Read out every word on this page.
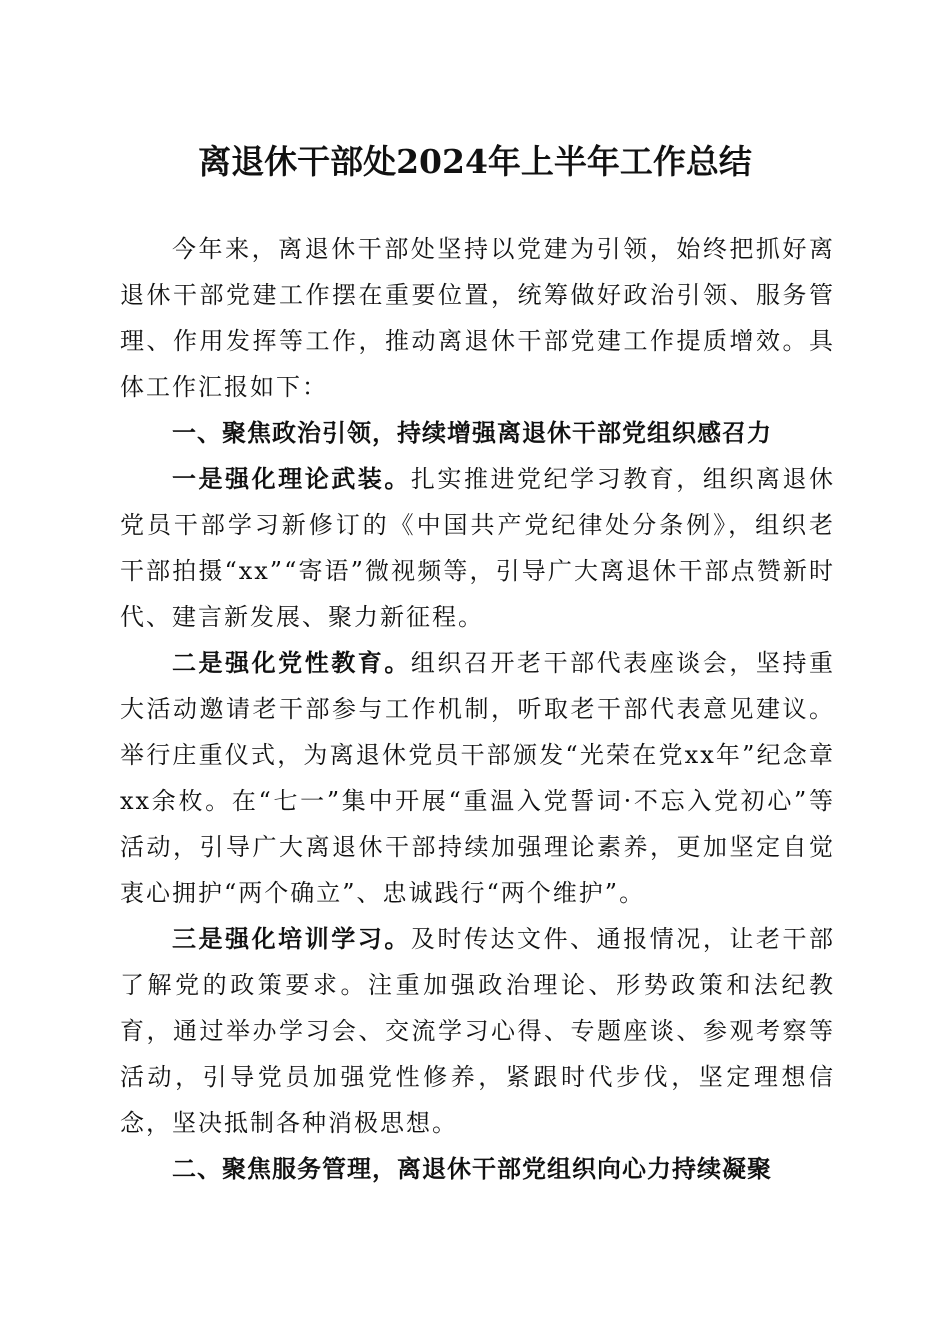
离退休干部处2024年上半年工作总结

今年来，离退休干部处坚持以党建为引领，始终把抓好离退休干部党建工作摆在重要位置，统筹做好政治引领、服务管理、作用发挥等工作，推动离退休干部党建工作提质增效。具体工作汇报如下：

一、聚焦政治引领，持续增强离退休干部党组织感召力

一是强化理论武装。扎实推进党纪学习教育，组织离退休党员干部学习新修订的《中国共产党纪律处分条例》，组织老干部拍摄“xx”“寄语”微视频等，引导广大离退休干部点赞新时代、建言新发展、聚力新征程。

二是强化党性教育。组织召开老干部代表座谈会，坚持重大活动邀请老干部参与工作机制，听取老干部代表意见建议。举行庄重仪式，为离退休党员干部颁发“光荣在党xx年”纪念章xx余枚。在“七一”集中开展“重温入党誓词·不忘入党初心”等活动，引导广大离退休干部持续加强理论素养，更加坚定自觉衷心拥护“两个确立”、忠诚践行“两个维护”。

三是强化培训学习。及时传达文件、通报情况，让老干部了解党的政策要求。注重加强政治理论、形势政策和法纪教育，通过举办学习会、交流学习心得、专题座谈、参观考察等活动，引导党员加强党性修养，紧跟时代步伐，坚定理想信念，坚决抵制各种消极思想。

二、聚焦服务管理，离退休干部党组织向心力持续凝聚
